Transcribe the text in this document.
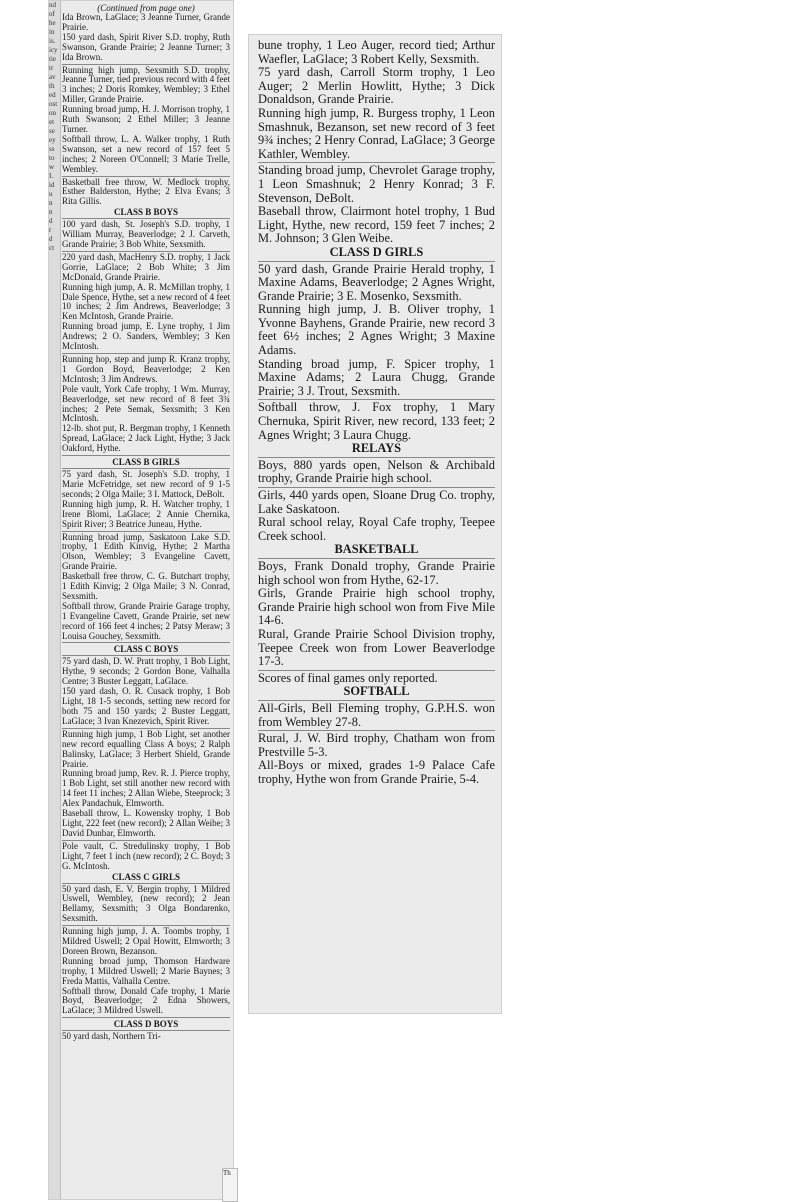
nd
of
he
in
is.
icy
tie
tr
av
th
ed
ost
on
et
se
ey
ss
to
w
I.
id
u
n
n
d
r
d
ct

(Continued from page one)

Ida Brown, LaGlace; 3 Jeanne Turner, Grande Prairie.

150 yard dash, Spirit River S.D. trophy, Ruth Swanson, Grande Prairie; 2 Jeanne Turner; 3 Ida Brown.

Running high jump, Sexsmith S.D. trophy, Jeanne Turner, tied previous record with 4 feet 3 inches; 2 Doris Romkey, Wembley; 3 Ethel Miller, Grande Prairie.

Running broad jump, H. J. Morrison trophy, 1 Ruth Swanson; 2 Ethel Miller; 3 Jeanne Turner.

Softball throw, L. A. Walker trophy, 1 Ruth Swanson, set a new record of 157 feet 5 inches; 2 Noreen O'Connell; 3 Marie Trelle, Wembley.

Basketball free throw, W. Medlock trophy, Esther Balderston, Hythe; 2 Elva Evans; 3 Rita Gillis.

CLASS B BOYS

100 yard dash, St. Joseph's S.D. trophy, 1 William Murray, Beaverlodge; 2 J. Carveth, Grande Prairie; 3 Bob White, Sexsmith.

220 yard dash, MacHenry S.D. trophy, 1 Jack Gorrie, LaGlace; 2 Bob White; 3 Jim McDonald, Grande Prairie.

Running high jump, A. R. McMillan trophy, 1 Dale Spence, Hythe, set a new record of 4 feet 10 inches; 2 Jim Andrews, Beaverlodge; 3 Ken McIntosh, Grande Prairie.

Running broad jump, E. Lyne trophy, 1 Jim Andrews; 2 O. Sanders, Wembley; 3 Ken McIntosh.

Running hop, step and jump R. Kranz trophy, 1 Gordon Boyd, Beaverlodge; 2 Ken McIntosh; 3 Jim Andrews.

Pole vault, York Cafe trophy, 1 Wm. Murray, Beaverlodge, set new record of 8 feet 3¾ inches; 2 Pete Semak, Sexsmith; 3 Ken McIntosh.

12-lb. shot put, R. Bergman trophy, 1 Kenneth Spread, LaGlace; 2 Jack Light, Hythe; 3 Jack Oakford, Hythe.

CLASS B GIRLS

75 yard dash, St. Joseph's S.D. trophy, 1 Marie McFetridge, set new record of 9 1-5 seconds; 2 Olga Maile; 3 I. Mattock, DeBolt.

Running high jump, R. H. Watcher trophy, 1 Irene Blomi, LaGlace; 2 Annie Chernika, Spirit River; 3 Beatrice Juneau, Hythe.

Running broad jump, Saskatoon Lake S.D. trophy, 1 Edith Kinvig, Hythe; 2 Martha Olson, Wembley; 3 Evangeline Cavett, Grande Prairie.

Basketball free throw, C. G. Butchart trophy, 1 Edith Kinvig; 2 Olga Maile; 3 N. Conrad, Sexsmith.

Softball throw, Grande Prairie Garage trophy, 1 Evangeline Cavett, Grande Prairie, set new record of 166 feet 4 inches; 2 Patsy Meraw; 3 Louisa Gouchey, Sexsmith.

CLASS C BOYS

75 yard dash, D. W. Pratt trophy, 1 Bob Light, Hythe, 9 seconds; 2 Gordon Bone, Valhalla Centre; 3 Buster Leggatt, LaGlace.

150 yard dash, O. R. Cusack trophy, 1 Bob Light, 18 1-5 seconds, setting new record for both 75 and 150 yards; 2 Buster Leggatt, LaGlace; 3 Ivan Knezevich, Spirit River.

Running high jump, 1 Bob Light, set another new record equalling Class A boys; 2 Ralph Balinsky, LaGlace; 3 Herbert Shield, Grande Prairie.

Running broad jump, Rev. R. J. Pierce trophy, 1 Bob Light, set still another new record with 14 feet 11 inches; 2 Allan Wiebe, Steeprock; 3 Alex Pandachuk, Elmworth.

Baseball throw, L. Kowensky trophy, 1 Bob Light, 222 feet (new record); 2 Allan Weibe; 3 David Dunbar, Elmworth.

Pole vault, C. Stredulinsky trophy, 1 Bob Light, 7 feet 1 inch (new record); 2 C. Boyd; 3 G. McIntosh.

CLASS C GIRLS

50 yard dash, E. V. Bergin trophy, 1 Mildred Uswell, Wembley, (new record); 2 Jean Bellamy, Sexsmith; 3 Olga Bondarenko, Sexsmith.

Running high jump, J. A. Toombs trophy, 1 Mildred Uswell; 2 Opal Howitt, Elmworth; 3 Doreen Brown, Bezanson.

Running broad jump, Thomson Hardware trophy, 1 Mildred Uswell; 2 Marie Baynes; 3 Freda Mattis, Valhalla Centre.

Softball throw, Donald Cafe trophy, 1 Marie Boyd, Beaverlodge; 2 Edna Showers, LaGlace; 3 Mildred Uswell.

CLASS D BOYS

50 yard dash, Northern Tri-

bune trophy, 1 Leo Auger, record tied; Arthur Waefler, LaGlace; 3 Robert Kelly, Sexsmith.

75 yard dash, Carroll Storm trophy, 1 Leo Auger; 2 Merlin Howlitt, Hythe; 3 Dick Donaldson, Grande Prairie.

Running high jump, R. Burgess trophy, 1 Leon Smashnuk, Bezanson, set new record of 3 feet 9¾ inches; 2 Henry Conrad, LaGlace; 3 George Kathler, Wembley.

Standing broad jump, Chevrolet Garage trophy, 1 Leon Smashnuk; 2 Henry Konrad; 3 F. Stevenson, DeBolt.

Baseball throw, Clairmont hotel trophy, 1 Bud Light, Hythe, new record, 159 feet 7 inches; 2 M. Johnson; 3 Glen Weibe.

CLASS D GIRLS

50 yard dash, Grande Prairie Herald trophy, 1 Maxine Adams, Beaverlodge; 2 Agnes Wright, Grande Prairie; 3 E. Mosenko, Sexsmith.

Running high jump, J. B. Oliver trophy, 1 Yvonne Bayhens, Grande Prairie, new record 3 feet 6½ inches; 2 Agnes Wright; 3 Maxine Adams.

Standing broad jump, F. Spicer trophy, 1 Maxine Adams; 2 Laura Chugg, Grande Prairie; 3 J. Trout, Sexsmith.

Softball throw, J. Fox trophy, 1 Mary Chernuka, Spirit River, new record, 133 feet; 2 Agnes Wright; 3 Laura Chugg.

RELAYS

Boys, 880 yards open, Nelson & Archibald trophy, Grande Prairie high school.

Girls, 440 yards open, Sloane Drug Co. trophy, Lake Saskatoon.

Rural school relay, Royal Cafe trophy, Teepee Creek school.

BASKETBALL

Boys, Frank Donald trophy, Grande Prairie high school won from Hythe, 62-17.

Girls, Grande Prairie high school trophy, Grande Prairie high school won from Five Mile 14-6.

Rural, Grande Prairie School Division trophy, Teepee Creek won from Lower Beaverlodge 17-3.

Scores of final games only reported.

SOFTBALL

All-Girls, Bell Fleming trophy, G.P.H.S. won from Wembley 27-8.

Rural, J. W. Bird trophy, Chatham won from Prestville 5-3.

All-Boys or mixed, grades 1-9 Palace Cafe trophy, Hythe won from Grande Prairie, 5-4.

Th
